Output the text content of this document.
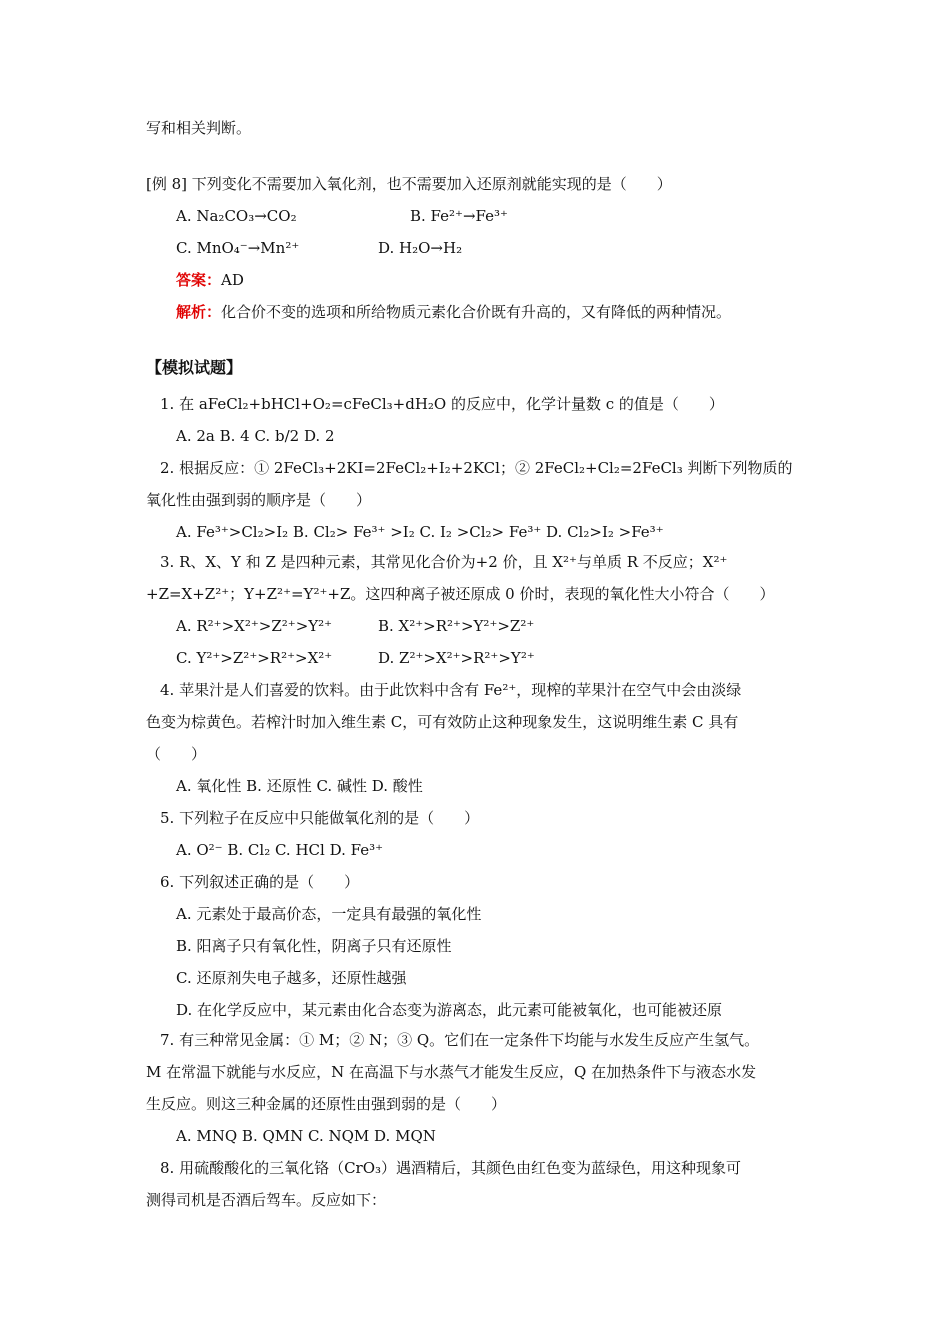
写和相关判断。
[例 8] 下列变化不需要加入氧化剂，也不需要加入还原剂就能实现的是（　　）
A. Na₂CO₃→CO₂	B. Fe²⁺→Fe³⁺
C. MnO₄⁻→Mn²⁺	D. H₂O→H₂
答案：AD
解析：化合价不变的选项和所给物质元素化合价既有升高的，又有降低的两种情况。
【模拟试题】
1. 在 aFeCl₂+bHCl+O₂=cFeCl₃+dH₂O 的反应中，化学计量数 c 的值是（　　）
A. 2a B. 4 C. b/2 D. 2
2. 根据反应：① 2FeCl₃+2KI=2FeCl₂+I₂+2KCl；② 2FeCl₂+Cl₂=2FeCl₃ 判断下列物质的
氧化性由强到弱的顺序是（　　）
A. Fe³⁺>Cl₂>I₂ B. Cl₂> Fe³⁺ >I₂ C. I₂ >Cl₂> Fe³⁺ D. Cl₂>I₂ >Fe³⁺
3. R、X、Y 和 Z 是四种元素，其常见化合价为+2 价，且 X²⁺与单质 R 不反应；X²⁺
+Z=X+Z²⁺；Y+Z²⁺=Y²⁺+Z。这四种离子被还原成 0 价时，表现的氧化性大小符合（　　）
A. R²⁺>X²⁺>Z²⁺>Y²⁺	B. X²⁺>R²⁺>Y²⁺>Z²⁺
C. Y²⁺>Z²⁺>R²⁺>X²⁺	D. Z²⁺>X²⁺>R²⁺>Y²⁺
4. 苹果汁是人们喜爱的饮料。由于此饮料中含有 Fe²⁺，现榨的苹果汁在空气中会由淡绿
色变为棕黄色。若榨汁时加入维生素 C，可有效防止这种现象发生，这说明维生素 C 具有
（　　）
A. 氧化性 B. 还原性 C. 碱性 D. 酸性
5. 下列粒子在反应中只能做氧化剂的是（　　）
A. O²⁻ B. Cl₂ C. HCl D. Fe³⁺
6. 下列叙述正确的是（　　）
A. 元素处于最高价态，一定具有最强的氧化性
B. 阳离子只有氧化性，阴离子只有还原性
C. 还原剂失电子越多，还原性越强
D. 在化学反应中，某元素由化合态变为游离态，此元素可能被氧化，也可能被还原
7. 有三种常见金属：① M；② N；③ Q。它们在一定条件下均能与水发生反应产生氢气。
M 在常温下就能与水反应，N 在高温下与水蒸气才能发生反应，Q 在加热条件下与液态水发
生反应。则这三种金属的还原性由强到弱的是（　　）
A. MNQ B. QMN C. NQM D. MQN
8. 用硫酸酸化的三氧化铬（CrO₃）遇酒精后，其颜色由红色变为蓝绿色，用这种现象可
测得司机是否酒后驾车。反应如下：
